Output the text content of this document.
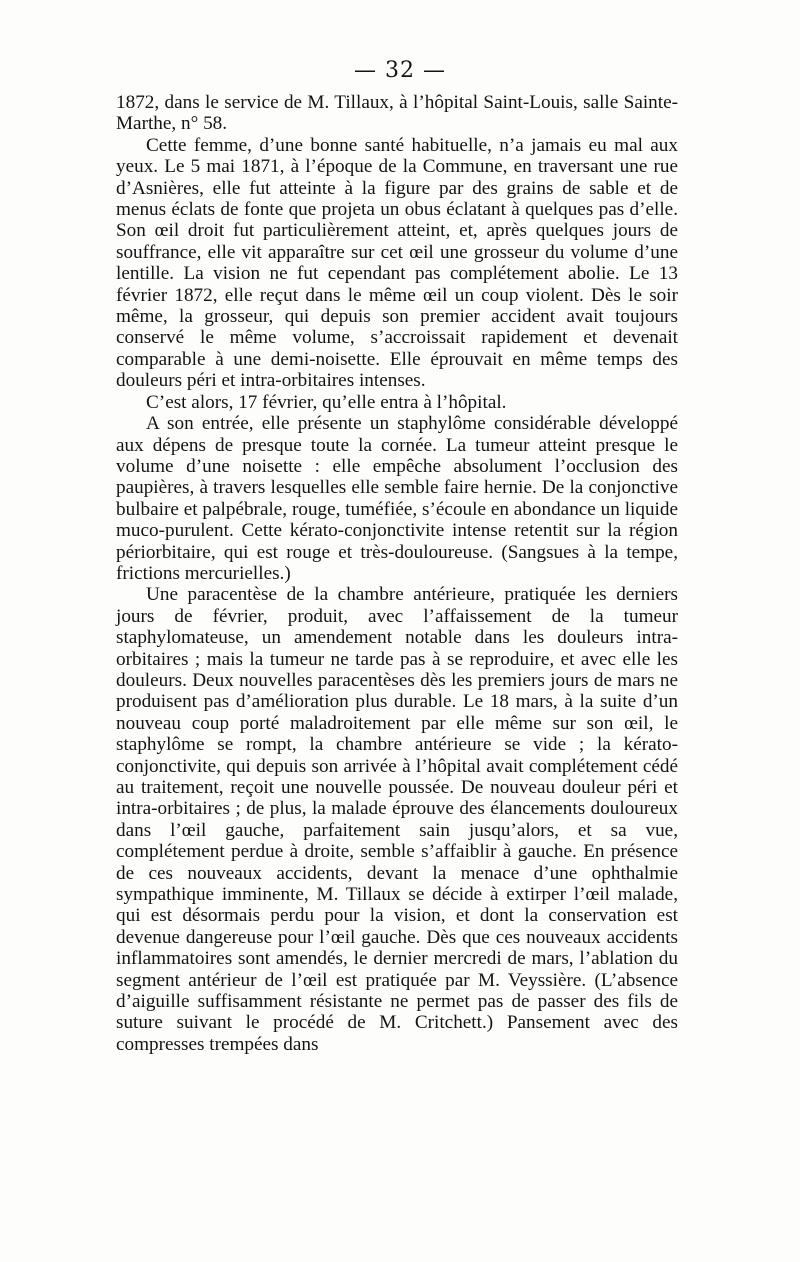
— 32 —

1872, dans le service de M. Tillaux, à l’hôpital Saint-Louis, salle Sainte-Marthe, n° 58.

Cette femme, d’une bonne santé habituelle, n’a jamais eu mal aux yeux. Le 5 mai 1871, à l’époque de la Commune, en traversant une rue d’Asnières, elle fut atteinte à la figure par des grains de sable et de menus éclats de fonte que projeta un obus éclatant à quelques pas d’elle. Son œil droit fut particulièrement atteint, et, après quelques jours de souffrance, elle vit apparaître sur cet œil une grosseur du volume d’une lentille. La vision ne fut cependant pas complétement abolie. Le 13 février 1872, elle reçut dans le même œil un coup violent. Dès le soir même, la grosseur, qui depuis son premier accident avait toujours conservé le même volume, s’accroissait rapidement et devenait comparable à une demi-noisette. Elle éprouvait en même temps des douleurs péri et intra-orbitaires intenses.

C’est alors, 17 février, qu’elle entra à l’hôpital.

A son entrée, elle présente un staphylôme considérable développé aux dépens de presque toute la cornée. La tumeur atteint presque le volume d’une noisette : elle empêche absolument l’occlusion des paupières, à travers lesquelles elle semble faire hernie. De la conjonctive bulbaire et palpébrale, rouge, tuméfiée, s’écoule en abondance un liquide muco-purulent. Cette kérato-conjonctivite intense retentit sur la région périorbitaire, qui est rouge et très-douloureuse. (Sangsues à la tempe, frictions mercurielles.)

Une paracentèse de la chambre antérieure, pratiquée les derniers jours de février, produit, avec l’affaissement de la tumeur staphylomateuse, un amendement notable dans les douleurs intra-orbitaires ; mais la tumeur ne tarde pas à se reproduire, et avec elle les douleurs. Deux nouvelles paracentèses dès les premiers jours de mars ne produisent pas d’amélioration plus durable. Le 18 mars, à la suite d’un nouveau coup porté maladroitement par elle même sur son œil, le staphylôme se rompt, la chambre antérieure se vide ; la kérato-conjonctivite, qui depuis son arrivée à l’hôpital avait complétement cédé au traitement, reçoit une nouvelle poussée. De nouveau douleur péri et intra-orbitaires ; de plus, la malade éprouve des élancements douloureux dans l’œil gauche, parfaitement sain jusqu’alors, et sa vue, complétement perdue à droite, semble s’affaiblir à gauche. En présence de ces nouveaux accidents, devant la menace d’une ophthalmie sympathique imminente, M. Tillaux se décide à extirper l’œil malade, qui est désormais perdu pour la vision, et dont la conservation est devenue dangereuse pour l’œil gauche. Dès que ces nouveaux accidents inflammatoires sont amendés, le dernier mercredi de mars, l’ablation du segment antérieur de l’œil est pratiquée par M. Veyssière. (L’absence d’aiguille suffisamment résistante ne permet pas de passer des fils de suture suivant le procédé de M. Critchett.) Pansement avec des compresses trempées dans
